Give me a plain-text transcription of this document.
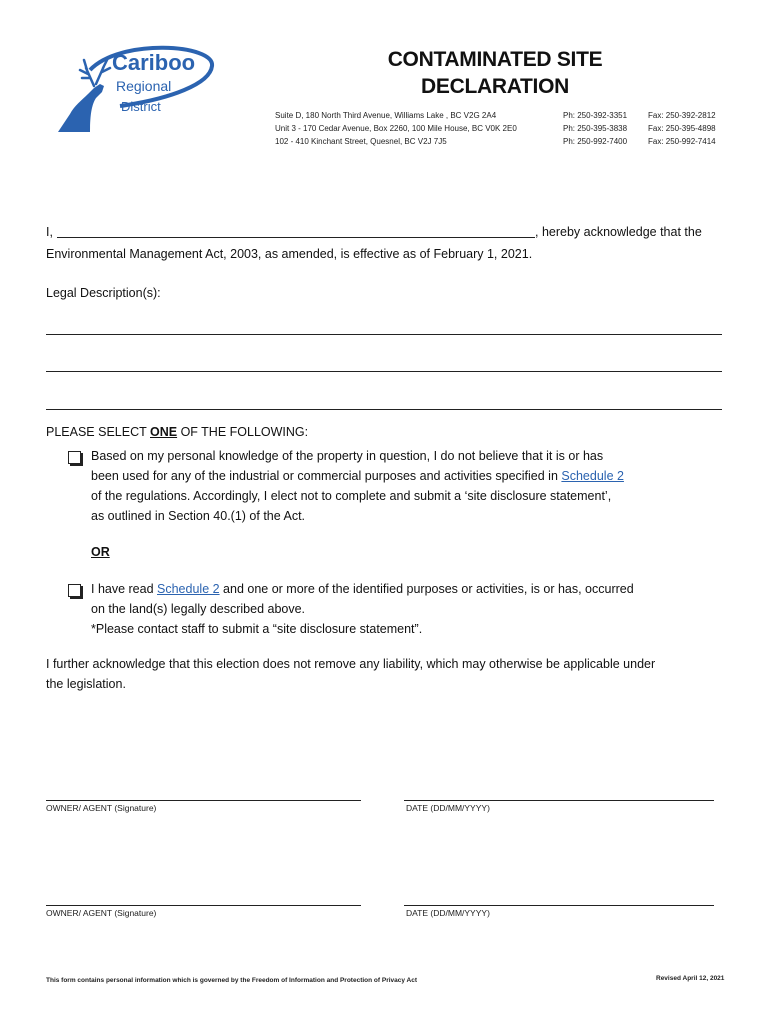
Cariboo
Regional
District
CONTAMINATED SITE
DECLARATION
Suite D, 180 North Third Avenue, Williams Lake , BC V2G 2A4	Ph: 250-392-3351	Fax: 250-392-2812
Unit 3 - 170 Cedar Avenue, Box 2260, 100 Mile House, BC V0K 2E0	Ph: 250-395-3838	Fax: 250-395-4898
102 - 410 Kinchant Street, Quesnel, BC V2J 7J5	Ph: 250-992-7400	Fax: 250-992-7414
I,	, hereby acknowledge that the
Environmental Management Act, 2003, as amended, is effective as of February 1, 2021.
Legal Description(s):
PLEASE SELECT ONE OF THE FOLLOWING:
Based on my personal knowledge of the property in question, I do not believe that it is or has
been used for any of the industrial or commercial purposes and activities specified in Schedule 2
of the regulations. Accordingly, I elect not to complete and submit a ‘site disclosure statement’,
as outlined in Section 40.(1) of the Act.
OR
I have read Schedule 2 and one or more of the identified purposes or activities, is or has, occurred
on the land(s) legally described above.
*Please contact staff to submit a “site disclosure statement”.
I further acknowledge that this election does not remove any liability, which may otherwise be applicable under
the legislation.
OWNER/ AGENT (Signature)	DATE (DD/MM/YYYY)
OWNER/ AGENT (Signature)	DATE (DD/MM/YYYY)
This form contains personal information which is governed by the Freedom of Information and Protection of Privacy Act	Revised April 12, 2021
